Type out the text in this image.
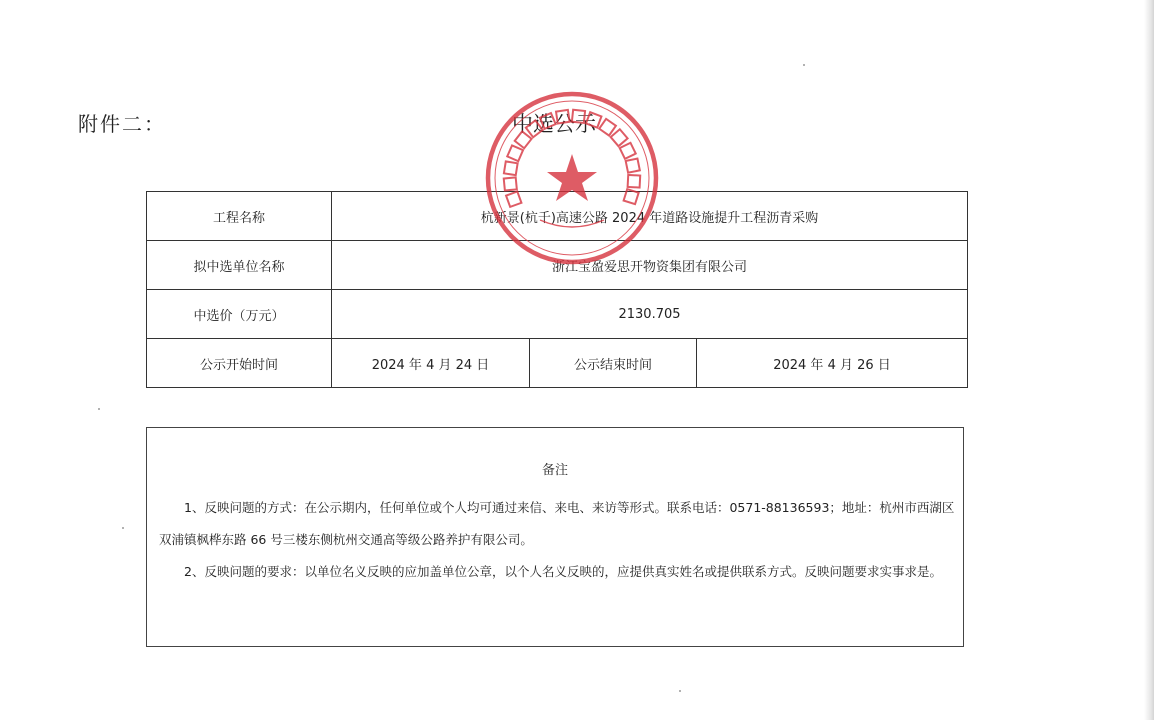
附件二：	中选公示
工程名称	杭新景(杭千)高速公路 2024 年道路设施提升工程沥青采购		
拟中选单位名称	浙江宝盈爱思开物资集团有限公司		
中选价（万元）	2130.705		
公示开始时间	2024 年 4 月 24 日	公示结束时间	2024 年 4 月 26 日
备注

1、反映问题的方式：在公示期内，任何单位或个人均可通过来信、来电、来访等形式。联系电话：0571-88136593；地址：杭州市西湖区双浦镇枫桦东路 66 号三楼东侧杭州交通高等级公路养护有限公司。

2、反映问题的要求：以单位名义反映的应加盖单位公章，以个人名义反映的，应提供真实姓名或提供联系方式。反映问题要求实事求是。
